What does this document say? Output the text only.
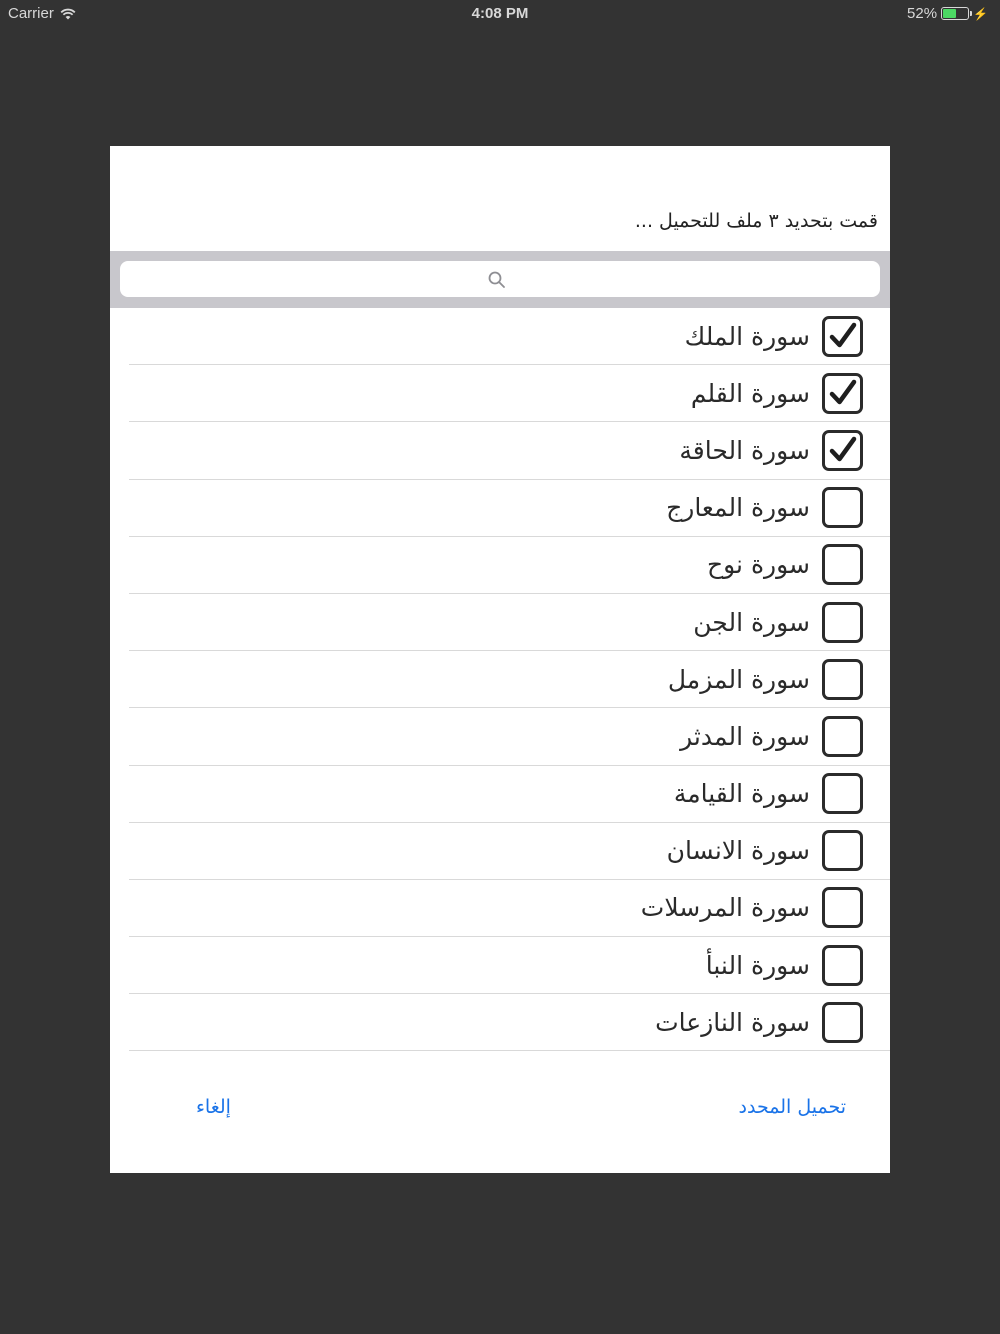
Carrier	4:08 PM	52%	⚡
قمت بتحديد ٣ ملف للتحميل ...
سورة الملك
سورة القلم
سورة الحاقة
سورة المعارج
سورة نوح
سورة الجن
سورة المزمل
سورة المدثر
سورة القيامة
سورة الانسان
سورة المرسلات
سورة النبأ
سورة النازعات
إلغاء	تحميل المحدد
